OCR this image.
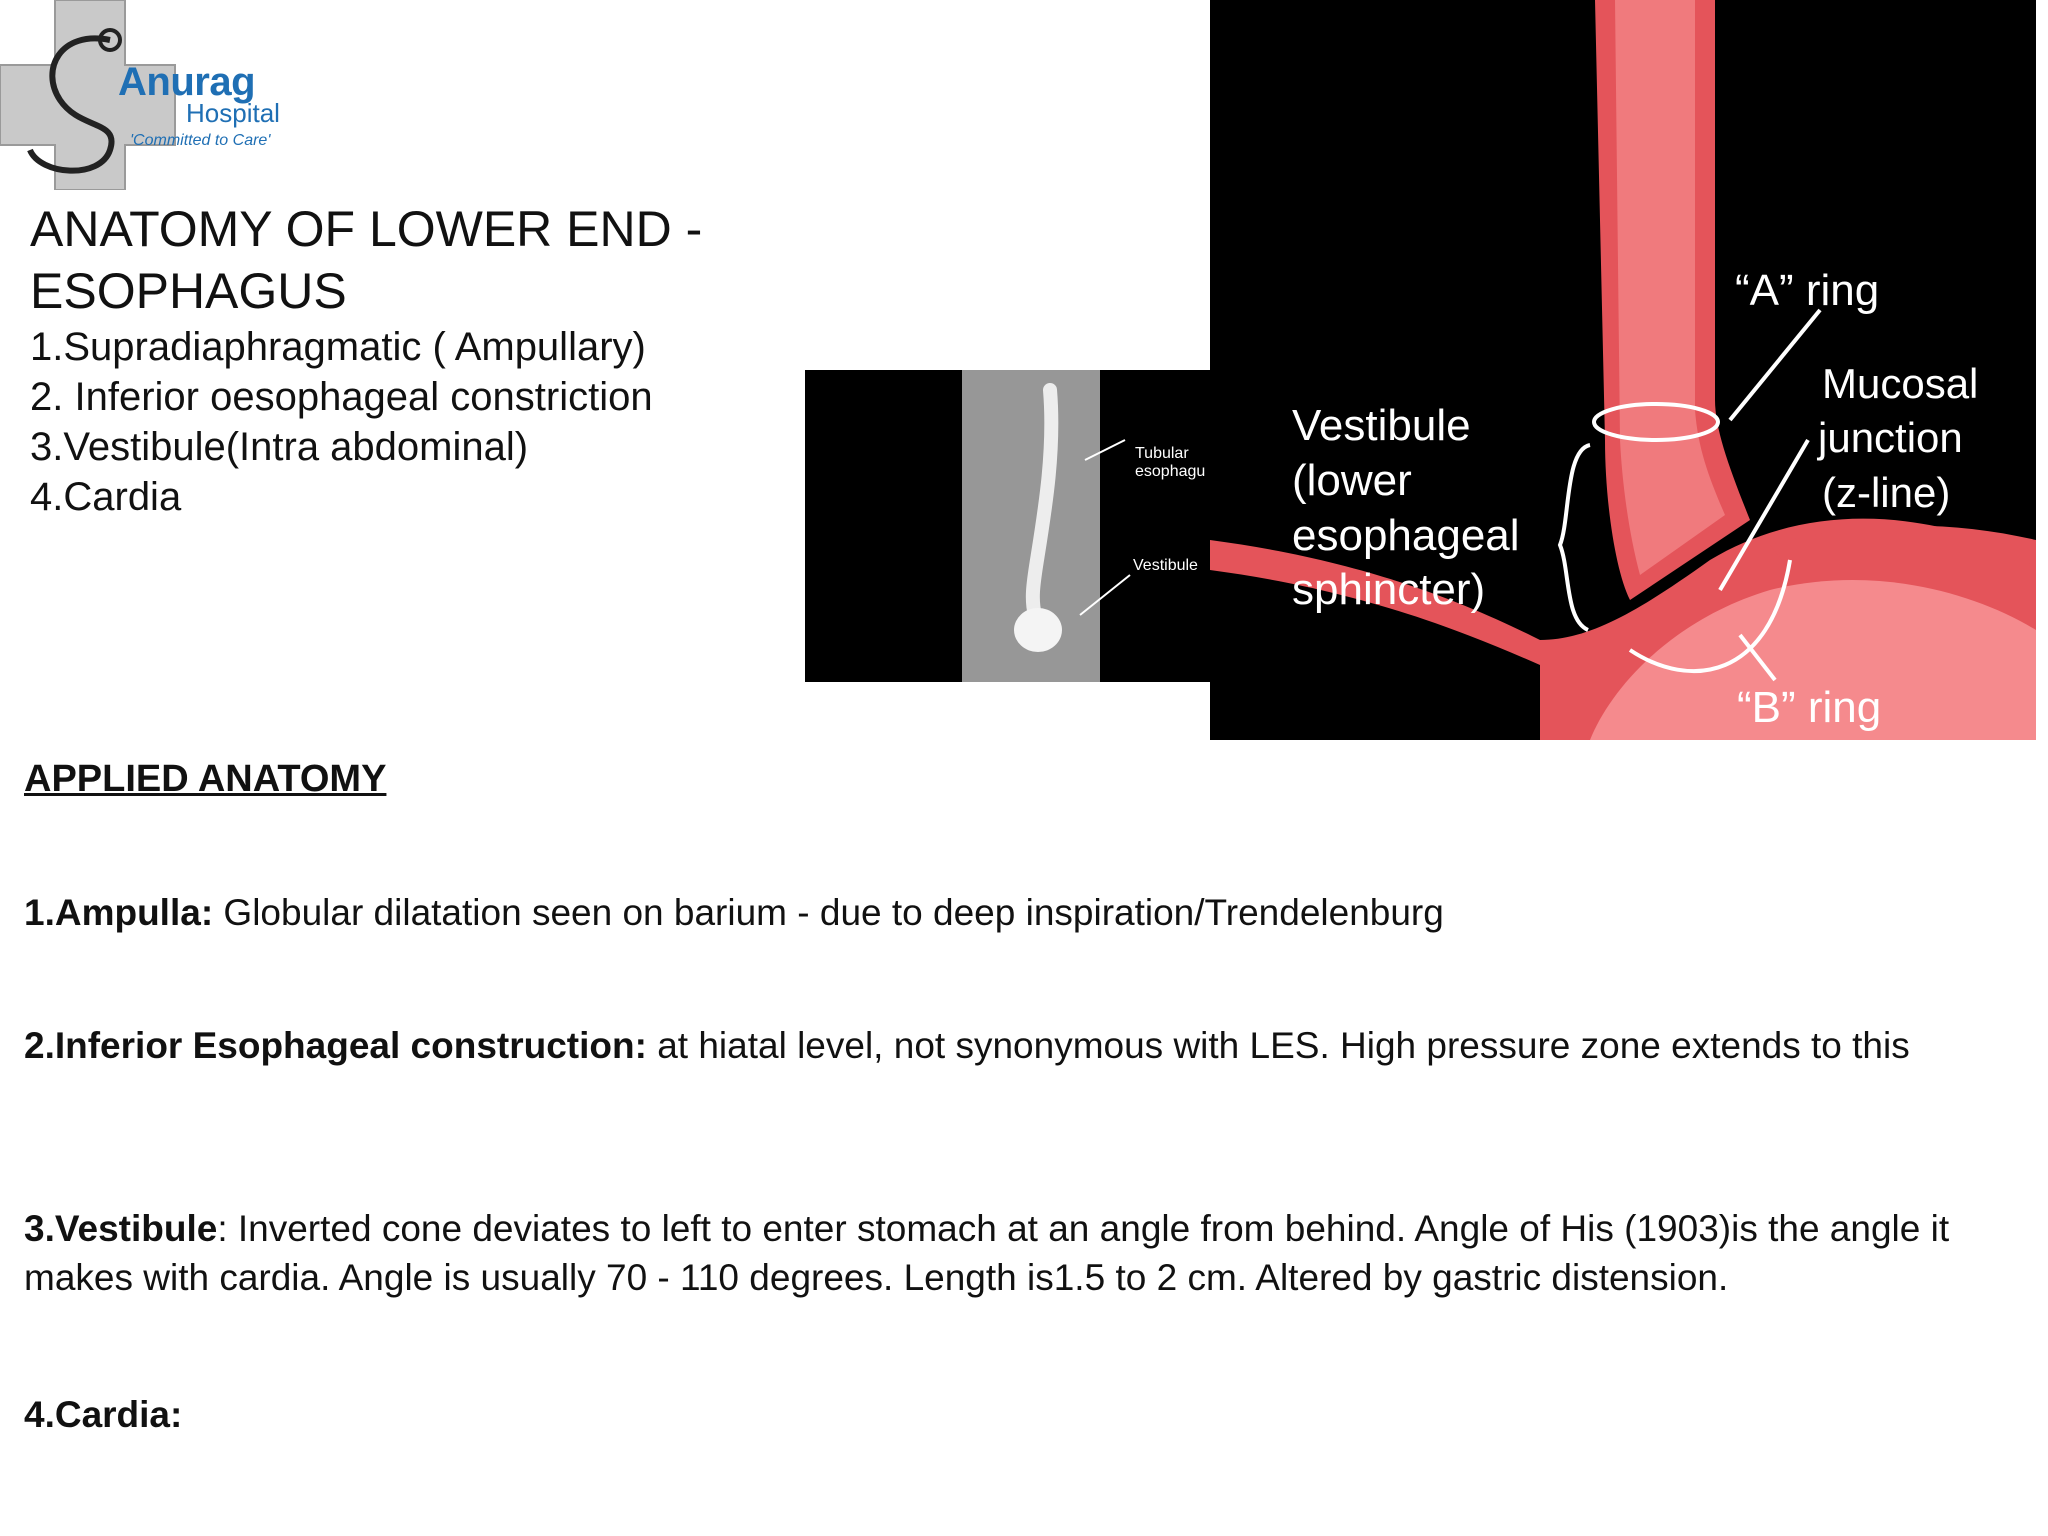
Anurag
Hospital
'Committed to Care'
ANATOMY OF LOWER END - ESOPHAGUS
1.Supradiaphragmatic ( Ampullary)
2. Inferior oesophageal constriction
3.Vestibule(Intra abdominal)
4.Cardia
Tubular
esophagu
Vestibule
“A” ring
Mucosal
junction
(z-line)
Vestibule
(lower
esophageal
sphincter)
“B” ring
APPLIED ANATOMY

1.Ampulla: Globular dilatation seen on barium - due to deep inspiration/Trendelenburg

2.Inferior Esophageal construction: at hiatal level, not synonymous with LES. High pressure zone extends to this

3.Vestibule: Inverted cone deviates to left to enter stomach at an angle from behind. Angle of His (1903)is the angle it makes with cardia. Angle is usually 70 - 110 degrees. Length is1.5 to 2 cm. Altered by gastric distension.

4.Cardia:
